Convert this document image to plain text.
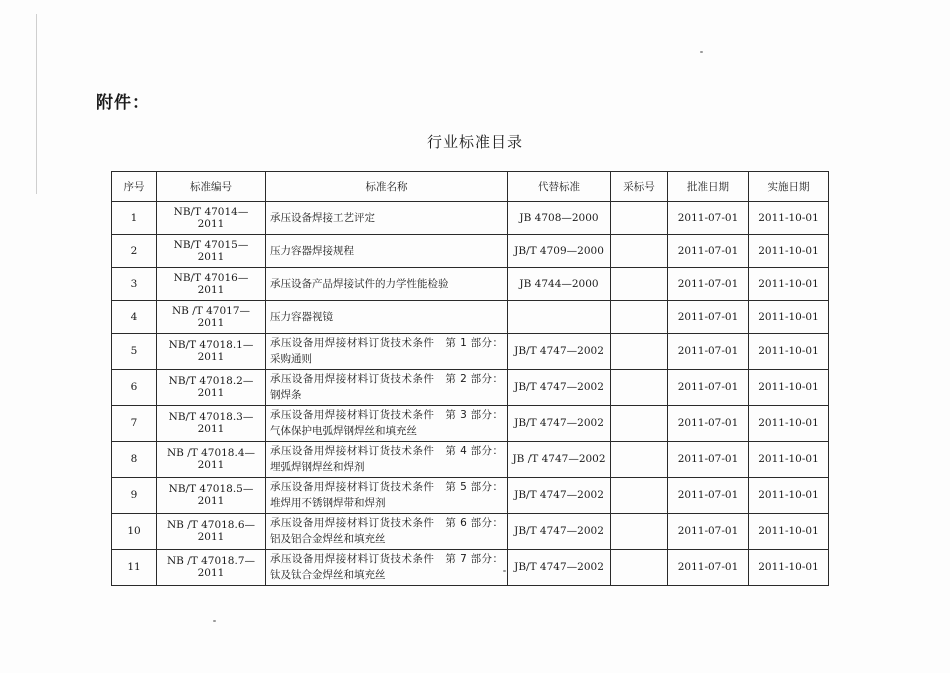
附件：
行业标准目录
序号	标准编号	标准名称	代替标准	采标号	批准日期	实施日期
1	NB/T 47014—2011	承压设备焊接工艺评定	JB 4708—2000		2011-07-01	2011-10-01
2	NB/T 47015—2011	压力容器焊接规程	JB/T 4709—2000		2011-07-01	2011-10-01
3	NB/T 47016—2011	承压设备产品焊接试件的力学性能检验	JB 4744—2000		2011-07-01	2011-10-01
4	NB /T 47017—2011	压力容器视镜			2011-07-01	2011-10-01
5	NB/T 47018.1—2011	承压设备用焊接材料订货技术条件　第 1 部分：
采购通则	JB/T 4747—2002		2011-07-01	2011-10-01
6	NB/T 47018.2—2011	承压设备用焊接材料订货技术条件　第 2 部分：
钢焊条	JB/T 4747—2002		2011-07-01	2011-10-01
7	NB/T 47018.3—2011	承压设备用焊接材料订货技术条件　第 3 部分：
气体保护电弧焊钢焊丝和填充丝	JB/T 4747—2002		2011-07-01	2011-10-01
8	NB /T 47018.4—2011	承压设备用焊接材料订货技术条件　第 4 部分：
埋弧焊钢焊丝和焊剂	JB /T 4747—2002		2011-07-01	2011-10-01
9	NB/T 47018.5—2011	承压设备用焊接材料订货技术条件　第 5 部分：
堆焊用不锈钢焊带和焊剂	JB/T 4747—2002		2011-07-01	2011-10-01
10	NB /T 47018.6—2011	承压设备用焊接材料订货技术条件　第 6 部分：
铝及铝合金焊丝和填充丝	JB/T 4747—2002		2011-07-01	2011-10-01
11	NB /T 47018.7—2011	承压设备用焊接材料订货技术条件　第 7 部分：
钛及钛合金焊丝和填充丝	JB/T 4747—2002		2011-07-01	2011-10-01
